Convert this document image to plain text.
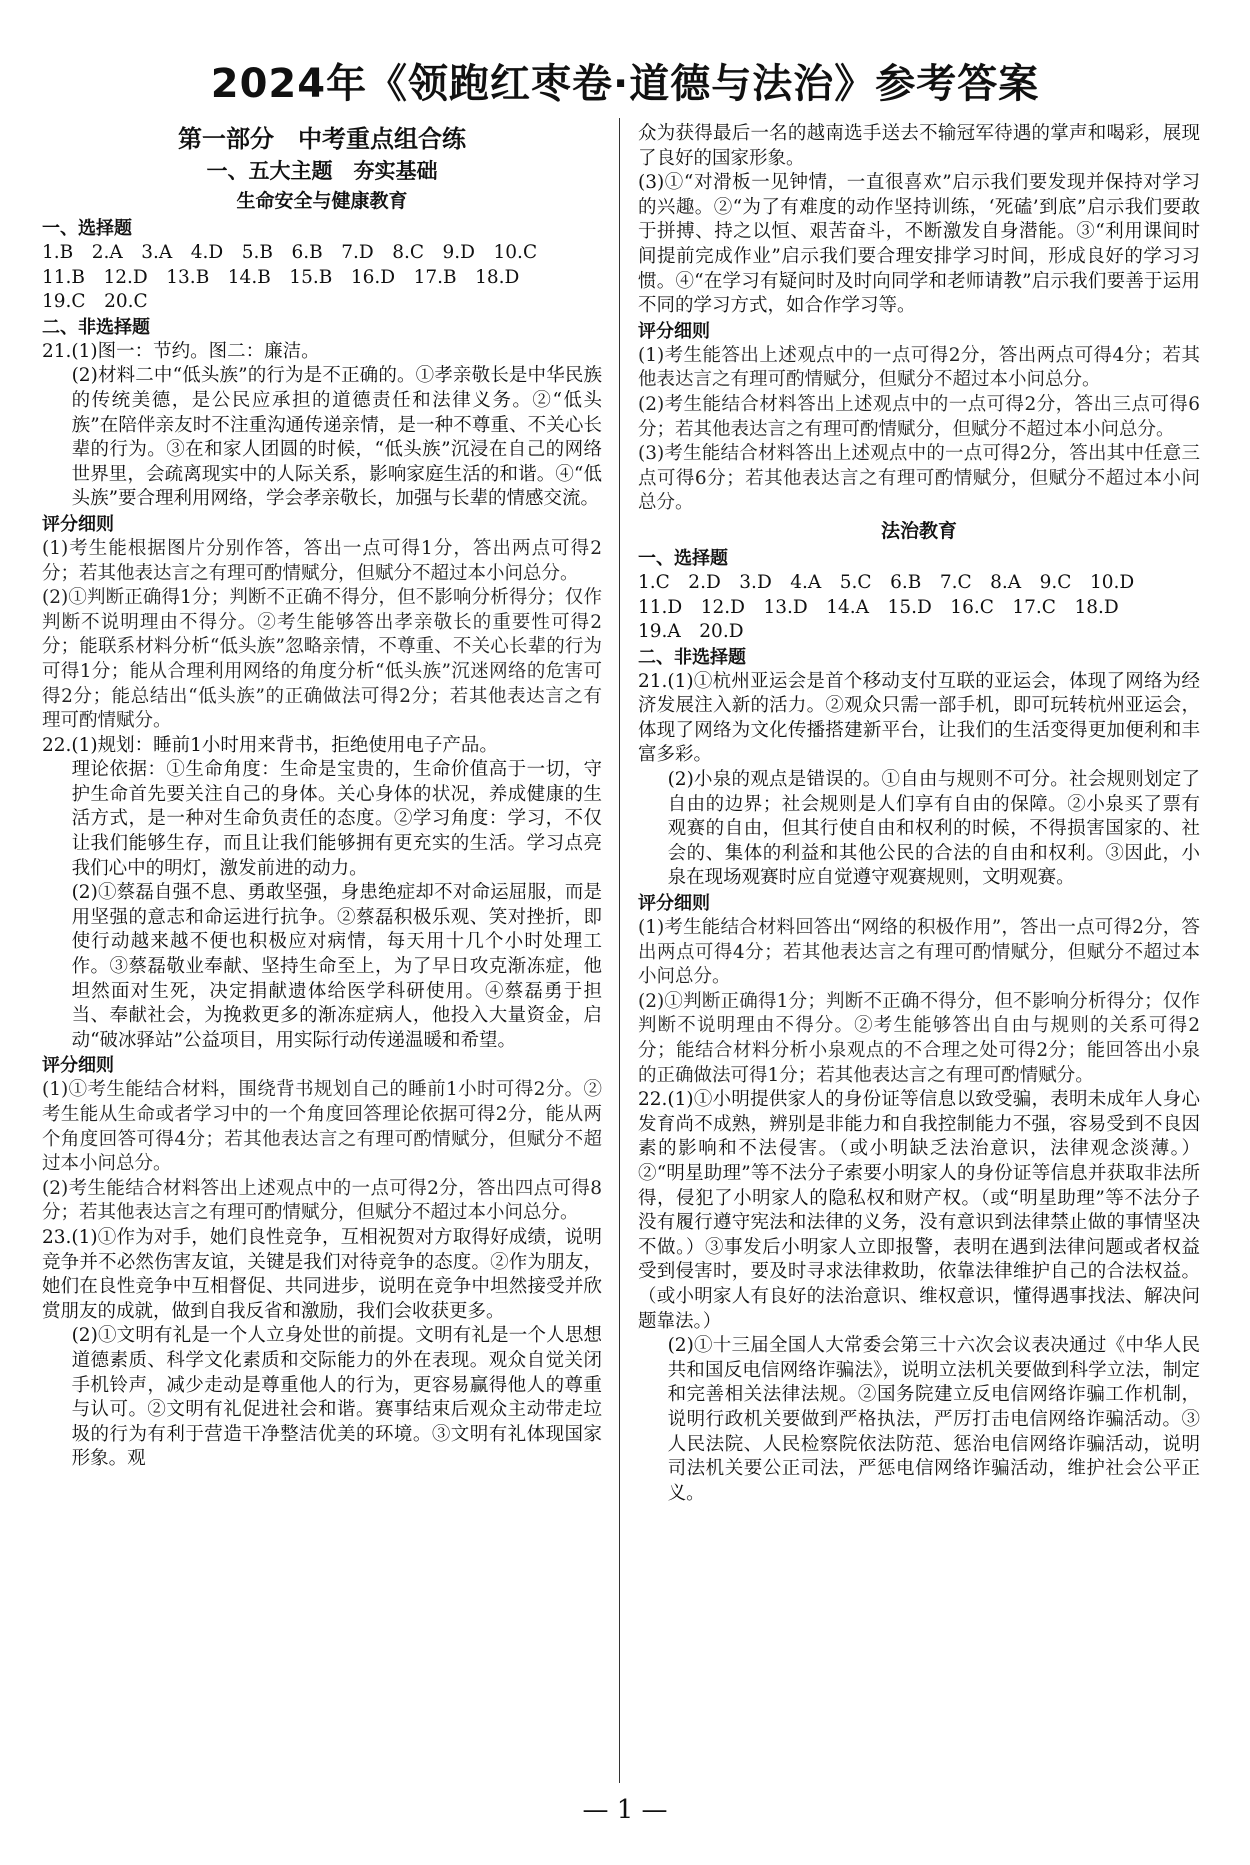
2024年《领跑红枣卷·道德与法治》参考答案
第一部分　中考重点组合练
一、五大主题　夯实基础
生命安全与健康教育
一、选择题

1.B　2.A　3.A　4.D　5.B　6.B　7.D　8.C　9.D　10.C

11.B　12.D　13.B　14.B　15.B　16.D　17.B　18.D

19.C　20.C

二、非选择题

21.(1)图一：节约。图二：廉洁。

(2)材料二中“低头族”的行为是不正确的。①孝亲敬长是中华民族的传统美德，是公民应承担的道德责任和法律义务。②“低头族”在陪伴亲友时不注重沟通传递亲情，是一种不尊重、不关心长辈的行为。③在和家人团圆的时候，“低头族”沉浸在自己的网络世界里，会疏离现实中的人际关系，影响家庭生活的和谐。④“低头族”要合理利用网络，学会孝亲敬长，加强与长辈的情感交流。

评分细则

(1)考生能根据图片分别作答，答出一点可得1分，答出两点可得2分；若其他表达言之有理可酌情赋分，但赋分不超过本小问总分。

(2)①判断正确得1分；判断不正确不得分，但不影响分析得分；仅作判断不说明理由不得分。②考生能够答出孝亲敬长的重要性可得2分；能联系材料分析“低头族”忽略亲情，不尊重、不关心长辈的行为可得1分；能从合理利用网络的角度分析“低头族”沉迷网络的危害可得2分；能总结出“低头族”的正确做法可得2分；若其他表达言之有理可酌情赋分。

22.(1)规划：睡前1小时用来背书，拒绝使用电子产品。

理论依据：①生命角度：生命是宝贵的，生命价值高于一切，守护生命首先要关注自己的身体。关心身体的状况，养成健康的生活方式，是一种对生命负责任的态度。②学习角度：学习，不仅让我们能够生存，而且让我们能够拥有更充实的生活。学习点亮我们心中的明灯，激发前进的动力。

(2)①蔡磊自强不息、勇敢坚强，身患绝症却不对命运屈服，而是用坚强的意志和命运进行抗争。②蔡磊积极乐观、笑对挫折，即使行动越来越不便也积极应对病情，每天用十几个小时处理工作。③蔡磊敬业奉献、坚持生命至上，为了早日攻克渐冻症，他坦然面对生死，决定捐献遗体给医学科研使用。④蔡磊勇于担当、奉献社会，为挽救更多的渐冻症病人，他投入大量资金，启动“破冰驿站”公益项目，用实际行动传递温暖和希望。

评分细则

(1)①考生能结合材料，围绕背书规划自己的睡前1小时可得2分。②考生能从生命或者学习中的一个角度回答理论依据可得2分，能从两个角度回答可得4分；若其他表达言之有理可酌情赋分，但赋分不超过本小问总分。

(2)考生能结合材料答出上述观点中的一点可得2分，答出四点可得8分；若其他表达言之有理可酌情赋分，但赋分不超过本小问总分。

23.(1)①作为对手，她们良性竞争，互相祝贺对方取得好成绩，说明竞争并不必然伤害友谊，关键是我们对待竞争的态度。②作为朋友，她们在良性竞争中互相督促、共同进步，说明在竞争中坦然接受并欣赏朋友的成就，做到自我反省和激励，我们会收获更多。

(2)①文明有礼是一个人立身处世的前提。文明有礼是一个人思想道德素质、科学文化素质和交际能力的外在表现。观众自觉关闭手机铃声，减少走动是尊重他人的行为，更容易赢得他人的尊重与认可。②文明有礼促进社会和谐。赛事结束后观众主动带走垃圾的行为有利于营造干净整洁优美的环境。③文明有礼体现国家形象。观

众为获得最后一名的越南选手送去不输冠军待遇的掌声和喝彩，展现了良好的国家形象。

(3)①“对滑板一见钟情，一直很喜欢”启示我们要发现并保持对学习的兴趣。②“为了有难度的动作坚持训练，‘死磕’到底”启示我们要敢于拼搏、持之以恒、艰苦奋斗，不断激发自身潜能。③“利用课间时间提前完成作业”启示我们要合理安排学习时间，形成良好的学习习惯。④“在学习有疑问时及时向同学和老师请教”启示我们要善于运用不同的学习方式，如合作学习等。

评分细则

(1)考生能答出上述观点中的一点可得2分，答出两点可得4分；若其他表达言之有理可酌情赋分，但赋分不超过本小问总分。

(2)考生能结合材料答出上述观点中的一点可得2分，答出三点可得6分；若其他表达言之有理可酌情赋分，但赋分不超过本小问总分。

(3)考生能结合材料答出上述观点中的一点可得2分，答出其中任意三点可得6分；若其他表达言之有理可酌情赋分，但赋分不超过本小问总分。

法治教育
一、选择题

1.C　2.D　3.D　4.A　5.C　6.B　7.C　8.A　9.C　10.D

11.D　12.D　13.D　14.A　15.D　16.C　17.C　18.D

19.A　20.D

二、非选择题

21.(1)①杭州亚运会是首个移动支付互联的亚运会，体现了网络为经济发展注入新的活力。②观众只需一部手机，即可玩转杭州亚运会，体现了网络为文化传播搭建新平台，让我们的生活变得更加便利和丰富多彩。

(2)小泉的观点是错误的。①自由与规则不可分。社会规则划定了自由的边界；社会规则是人们享有自由的保障。②小泉买了票有观赛的自由，但其行使自由和权利的时候，不得损害国家的、社会的、集体的利益和其他公民的合法的自由和权利。③因此，小泉在现场观赛时应自觉遵守观赛规则，文明观赛。

评分细则

(1)考生能结合材料回答出“网络的积极作用”，答出一点可得2分，答出两点可得4分；若其他表达言之有理可酌情赋分，但赋分不超过本小问总分。

(2)①判断正确得1分；判断不正确不得分，但不影响分析得分；仅作判断不说明理由不得分。②考生能够答出自由与规则的关系可得2分；能结合材料分析小泉观点的不合理之处可得2分；能回答出小泉的正确做法可得1分；若其他表达言之有理可酌情赋分。

22.(1)①小明提供家人的身份证等信息以致受骗，表明未成年人身心发育尚不成熟，辨别是非能力和自我控制能力不强，容易受到不良因素的影响和不法侵害。（或小明缺乏法治意识，法律观念淡薄。）②“明星助理”等不法分子索要小明家人的身份证等信息并获取非法所得，侵犯了小明家人的隐私权和财产权。（或“明星助理”等不法分子没有履行遵守宪法和法律的义务，没有意识到法律禁止做的事情坚决不做。）③事发后小明家人立即报警，表明在遇到法律问题或者权益受到侵害时，要及时寻求法律救助，依靠法律维护自己的合法权益。（或小明家人有良好的法治意识、维权意识，懂得遇事找法、解决问题靠法。）

(2)①十三届全国人大常委会第三十六次会议表决通过《中华人民共和国反电信网络诈骗法》，说明立法机关要做到科学立法，制定和完善相关法律法规。②国务院建立反电信网络诈骗工作机制，说明行政机关要做到严格执法，严厉打击电信网络诈骗活动。③人民法院、人民检察院依法防范、惩治电信网络诈骗活动，说明司法机关要公正司法，严惩电信网络诈骗活动，维护社会公平正义。

— 1 —
